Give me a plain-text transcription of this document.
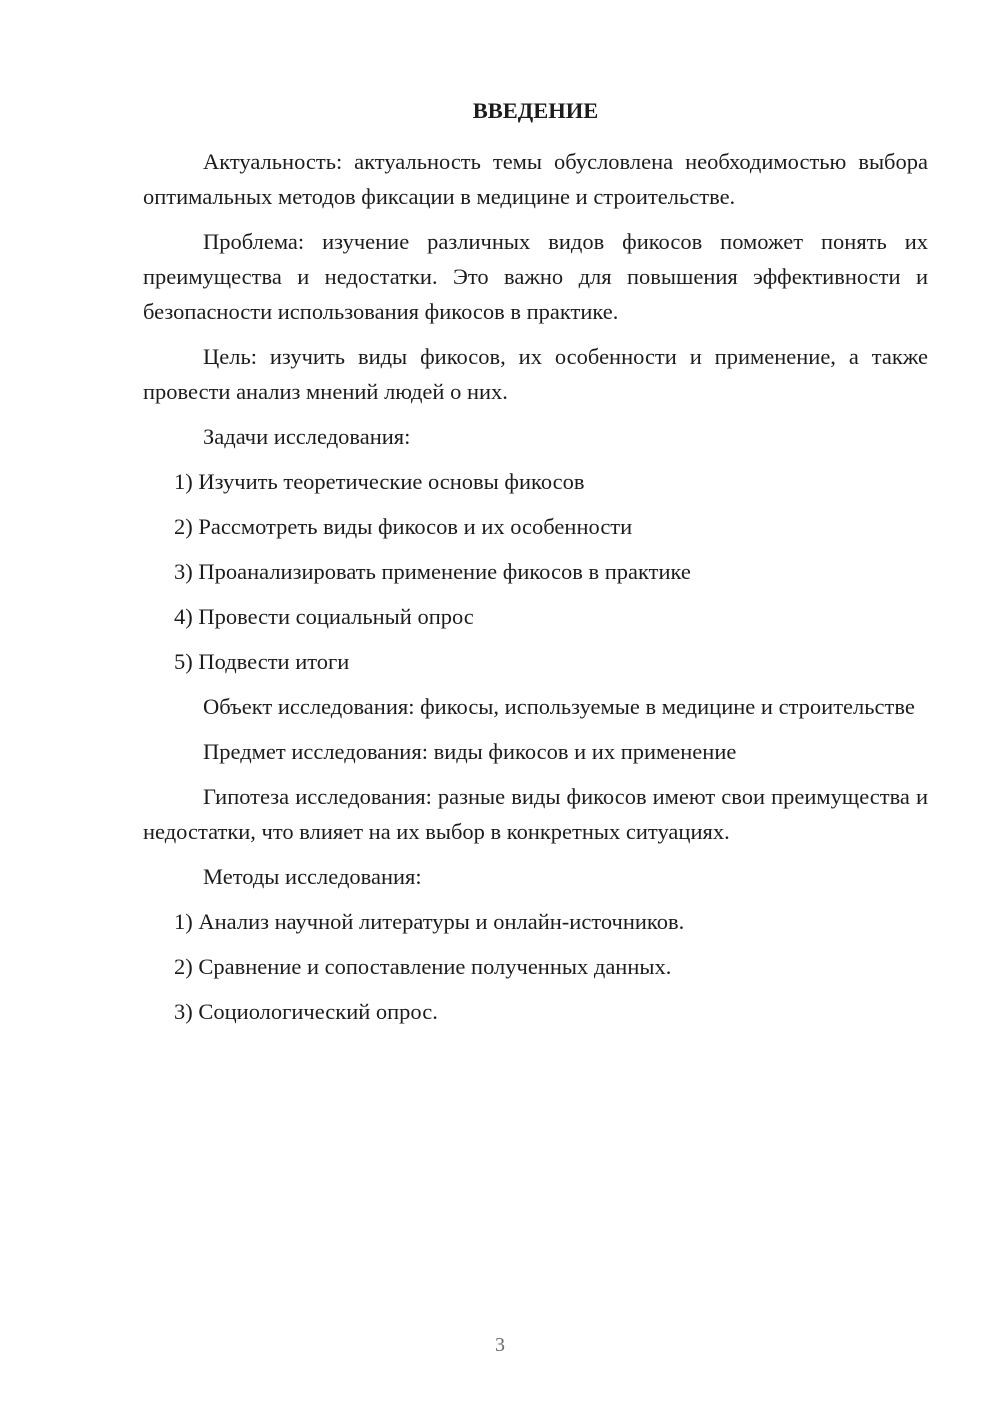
ВВЕДЕНИЕ

Актуальность: актуальность темы обусловлена необходимостью выбора оптимальных методов фиксации в медицине и строительстве.

Проблема: изучение различных видов фикосов поможет понять их преимущества и недостатки. Это важно для повышения эффективности и безопасности использования фикосов в практике.

Цель: изучить виды фикосов, их особенности и применение, а также провести анализ мнений людей о них.

Задачи исследования:

1) Изучить теоретические основы фикосов
2) Рассмотреть виды фикосов и их особенности
3) Проанализировать применение фикосов в практике
4) Провести социальный опрос
5) Подвести итоги

Объект исследования: фикосы, используемые в медицине и строительстве

Предмет исследования: виды фикосов и их применение

Гипотеза исследования: разные виды фикосов имеют свои преимущества и недостатки, что влияет на их выбор в конкретных ситуациях.

Методы исследования:

1) Анализ научной литературы и онлайн-источников.
2) Сравнение и сопоставление полученных данных.
3) Социологический опрос.
3
